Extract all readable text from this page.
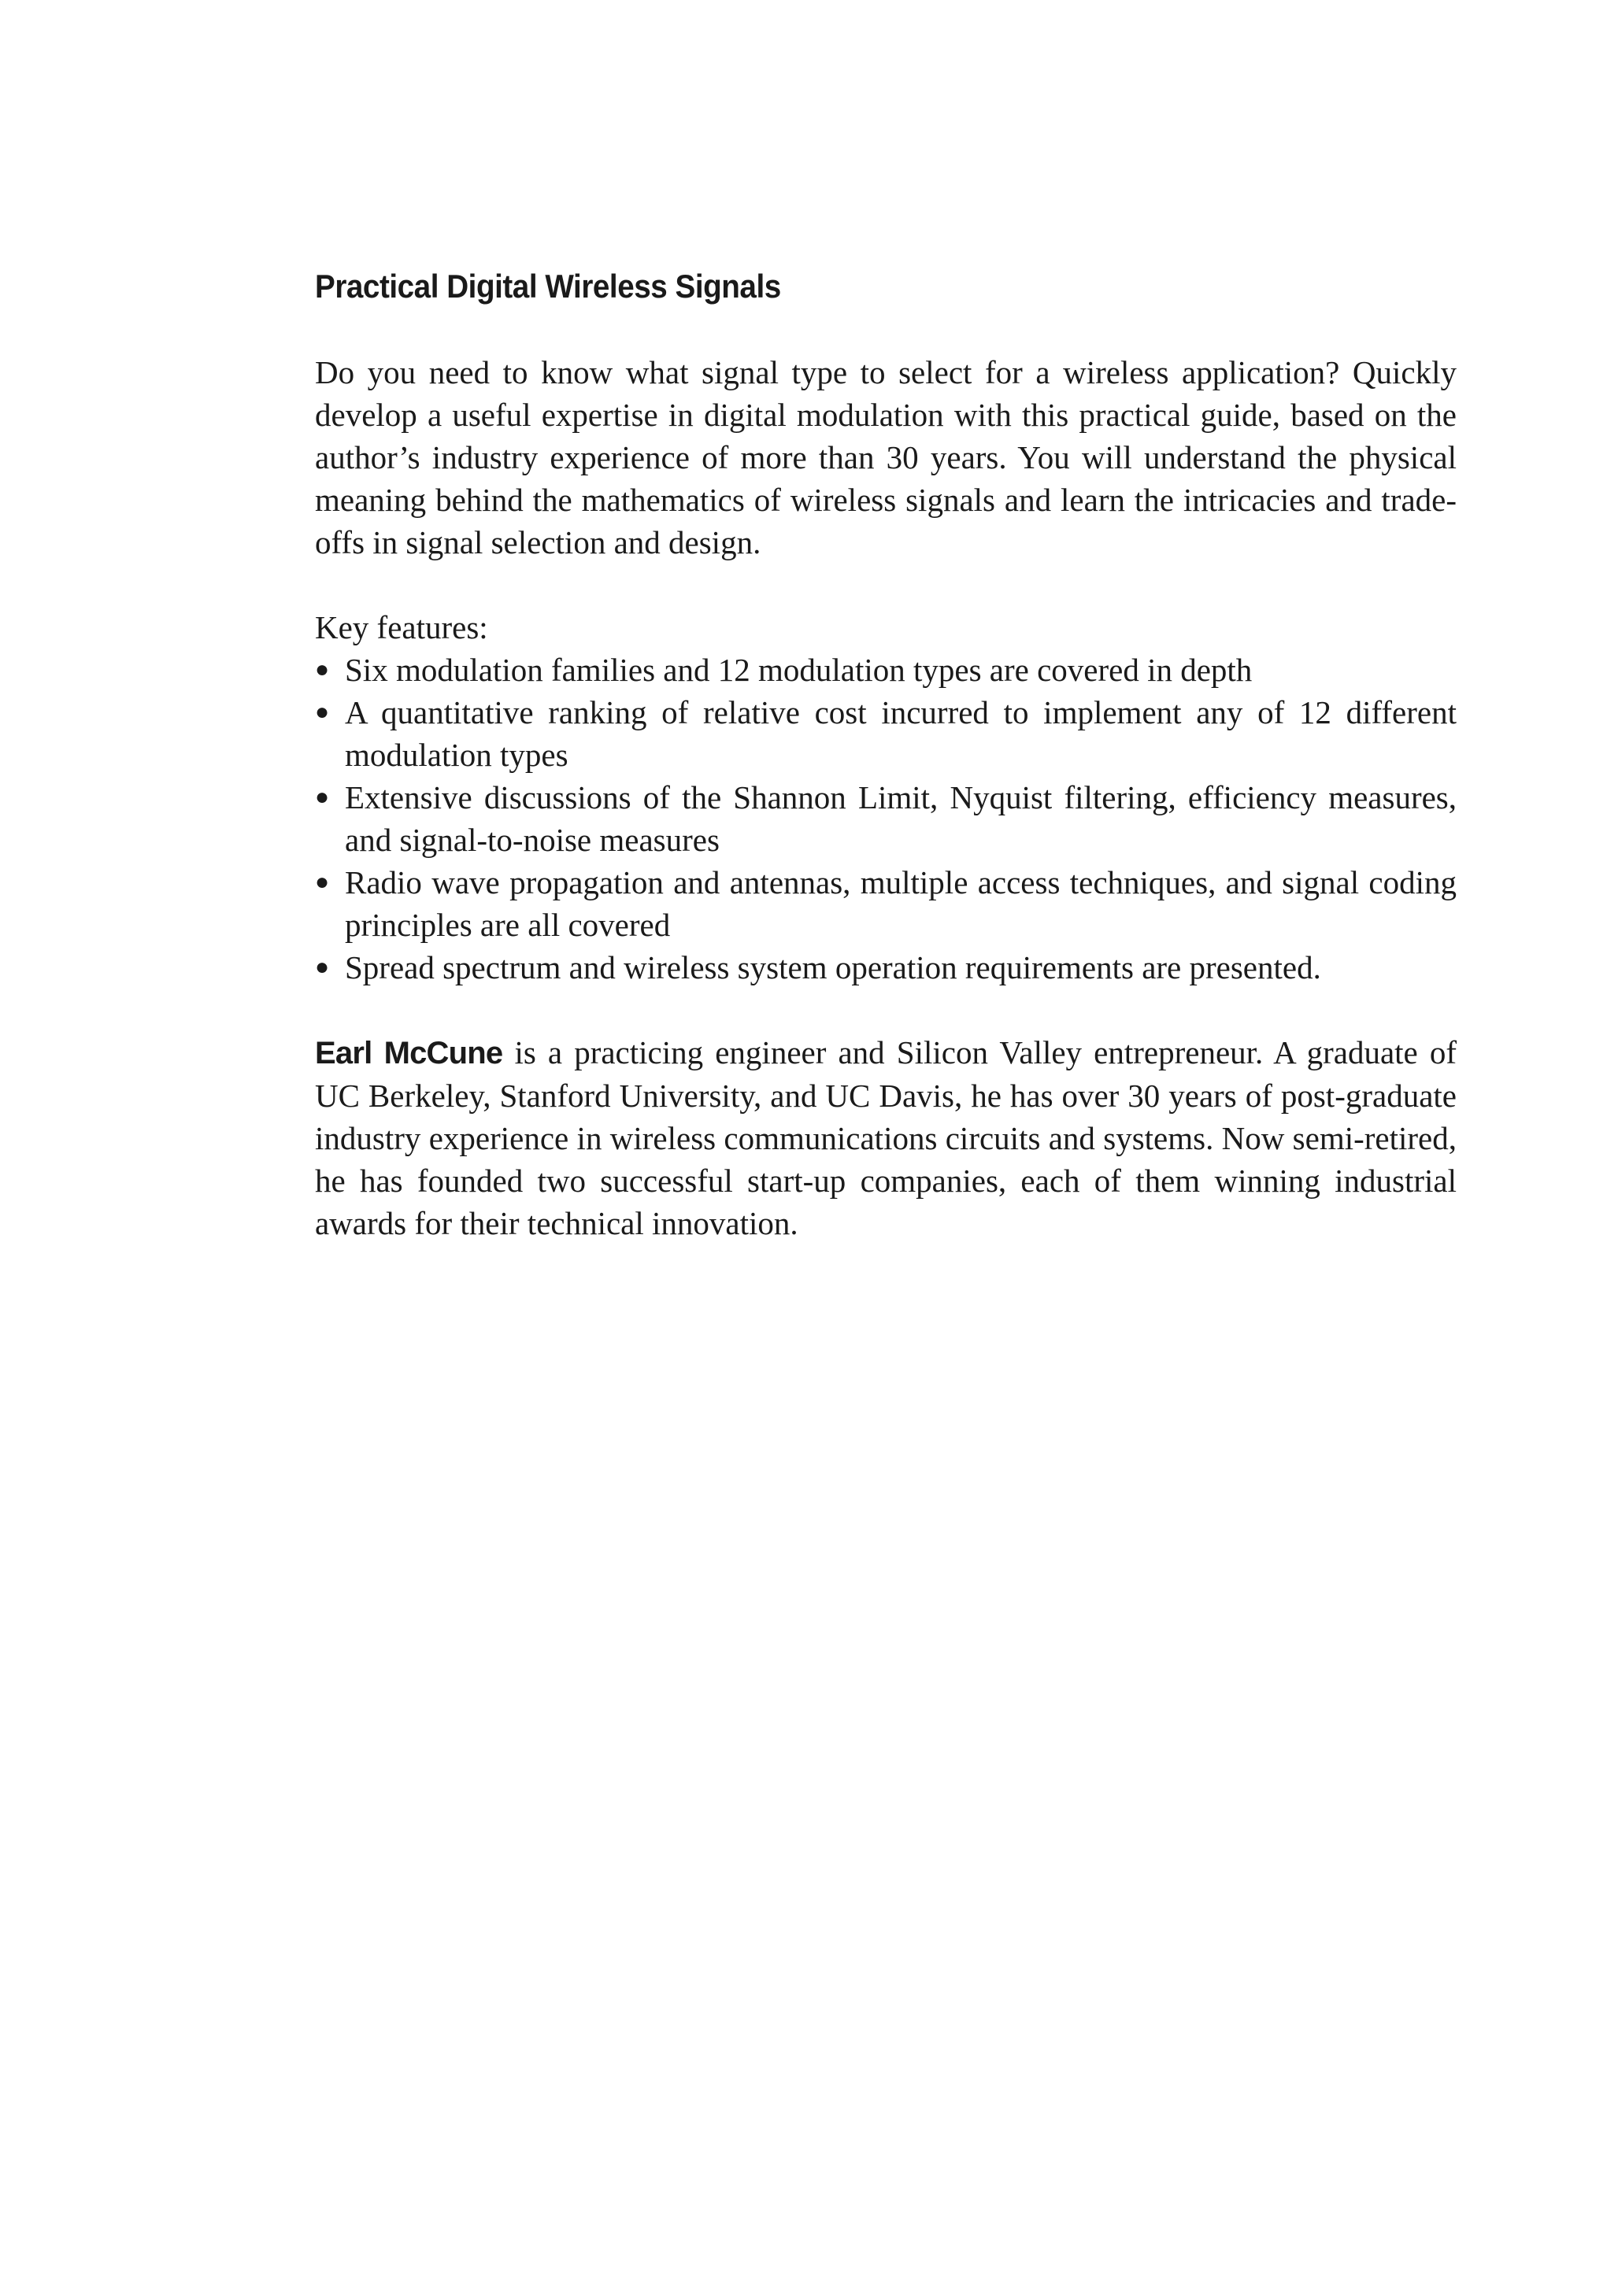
Practical Digital Wireless Signals

Do you need to know what signal type to select for a wireless application? Quickly develop a useful expertise in digital modulation with this practical guide, based on the author’s industry experience of more than 30 years. You will understand the physical meaning behind the mathematics of wireless signals and learn the intricacies and trade-offs in signal selection and design.

Key features:

● Six modulation families and 12 modulation types are covered in depth
● A quantitative ranking of relative cost incurred to implement any of 12 different modulation types
● Extensive discussions of the Shannon Limit, Nyquist filtering, efficiency measures, and signal-to-noise measures
● Radio wave propagation and antennas, multiple access techniques, and signal coding principles are all covered
● Spread spectrum and wireless system operation requirements are presented.

Earl McCune is a practicing engineer and Silicon Valley entrepreneur. A graduate of UC Berkeley, Stanford University, and UC Davis, he has over 30 years of post-graduate industry experience in wireless communications circuits and systems. Now semi-retired, he has founded two successful start-up companies, each of them winning industrial awards for their technical innovation.
